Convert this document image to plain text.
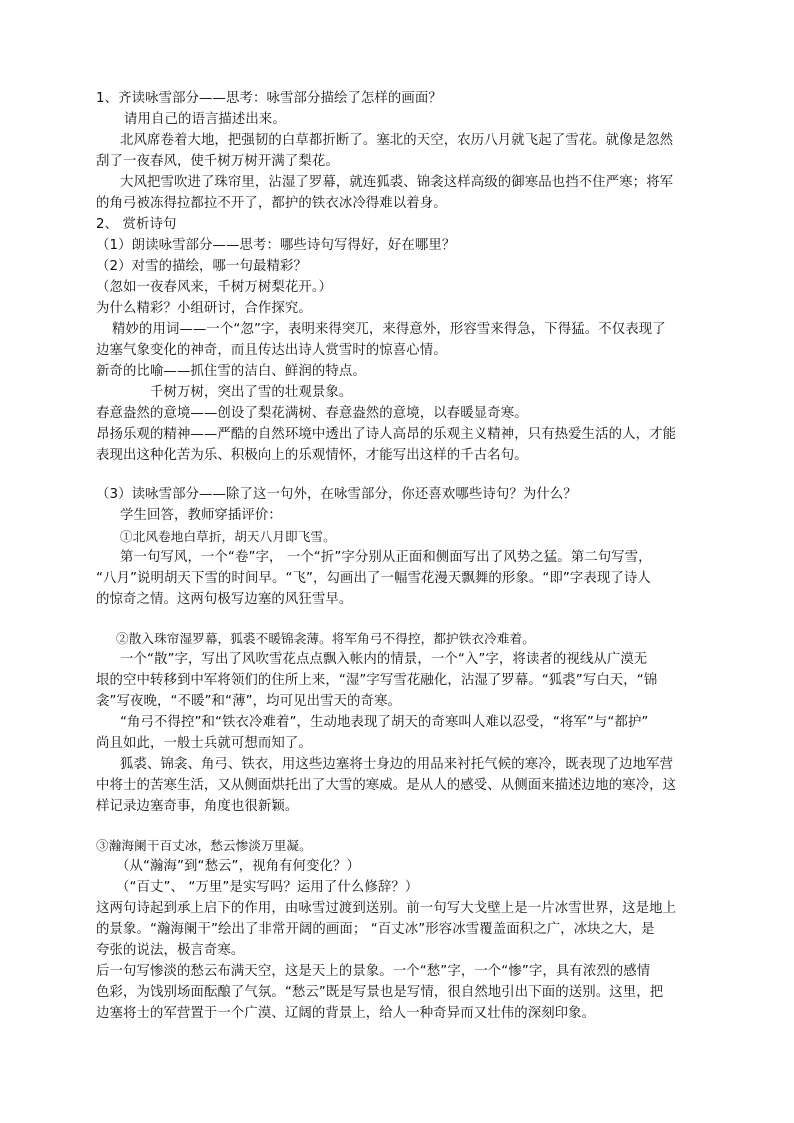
1、齐读咏雪部分——思考：咏雪部分描绘了怎样的画面？
请用自己的语言描述出来。
北风席卷着大地，把强韧的白草都折断了。塞北的天空，农历八月就飞起了雪花。就像是忽然
刮了一夜春风，使千树万树开满了梨花。
大风把雪吹进了珠帘里，沾湿了罗幕，就连狐裘、锦衾这样高级的御寒品也挡不住严寒；将军
的角弓被冻得拉都拉不开了，都护的铁衣冰冷得难以着身。
2、 赏析诗句
（1）朗读咏雪部分——思考：哪些诗句写得好，好在哪里？
（2）对雪的描绘，哪一句最精彩？
（忽如一夜春风来，千树万树梨花开。）
为什么精彩？小组研讨，合作探究。
精妙的用词——一个“忽”字，表明来得突兀，来得意外，形容雪来得急，下得猛。不仅表现了
边塞气象变化的神奇，而且传达出诗人赏雪时的惊喜心情。
新奇的比喻——抓住雪的洁白、鲜润的特点。
千树万树，突出了雪的壮观景象。
春意盎然的意境——创设了梨花满树、春意盎然的意境，以春暖显奇寒。
昂扬乐观的精神——严酷的自然环境中透出了诗人高昂的乐观主义精神，只有热爱生活的人，才能
表现出这种化苦为乐、积极向上的乐观情怀，才能写出这样的千古名句。
（3）读咏雪部分——除了这一句外，在咏雪部分，你还喜欢哪些诗句？为什么？
学生回答，教师穿插评价：
①北风卷地白草折，胡天八月即飞雪。
第一句写风，一个“卷”字， 一个“折”字分别从正面和侧面写出了风势之猛。第二句写雪，
“八月”说明胡天下雪的时间早。“飞”，勾画出了一幅雪花漫天飘舞的形象。“即”字表现了诗人
的惊奇之情。这两句极写边塞的风狂雪早。
②散入珠帘湿罗幕，狐裘不暖锦衾薄。将军角弓不得控，都护铁衣冷难着。
一个“散”字，写出了风吹雪花点点飘入帐内的情景，一个“入”字，将读者的视线从广漠无
垠的空中转移到中军将领们的住所上来，“湿”字写雪花融化，沾湿了罗幕。“狐裘”写白天，“锦
衾”写夜晚，“不暖”和“薄”，均可见出雪天的奇寒。
“角弓不得控”和“铁衣冷难着”，生动地表现了胡天的奇寒叫人难以忍受，“将军”与“都护”
尚且如此，一般士兵就可想而知了。
狐裘、锦衾、角弓、铁衣，用这些边塞将士身边的用品来衬托气候的寒冷，既表现了边地军营
中将士的苦寒生活，又从侧面烘托出了大雪的寒威。是从人的感受、从侧面来描述边地的寒冷，这
样记录边塞奇事，角度也很新颖。
③瀚海阑干百丈冰，愁云惨淡万里凝。
（从“瀚海”到“愁云”，视角有何变化？）
（“百丈”、 “万里”是实写吗？运用了什么修辞？）
这两句诗起到承上启下的作用，由咏雪过渡到送别。前一句写大戈壁上是一片冰雪世界，这是地上
的景象。“瀚海阑干”绘出了非常开阔的画面； “百丈冰”形容冰雪覆盖面积之广，冰块之大，是
夸张的说法，极言奇寒。
后一句写惨淡的愁云布满天空，这是天上的景象。一个“愁”字，一个“惨”字，具有浓烈的感情
色彩，为饯别场面酝酿了气氛。“愁云”既是写景也是写情，很自然地引出下面的送别。这里，把
边塞将士的军营置于一个广漠、辽阔的背景上，给人一种奇异而又壮伟的深刻印象。
